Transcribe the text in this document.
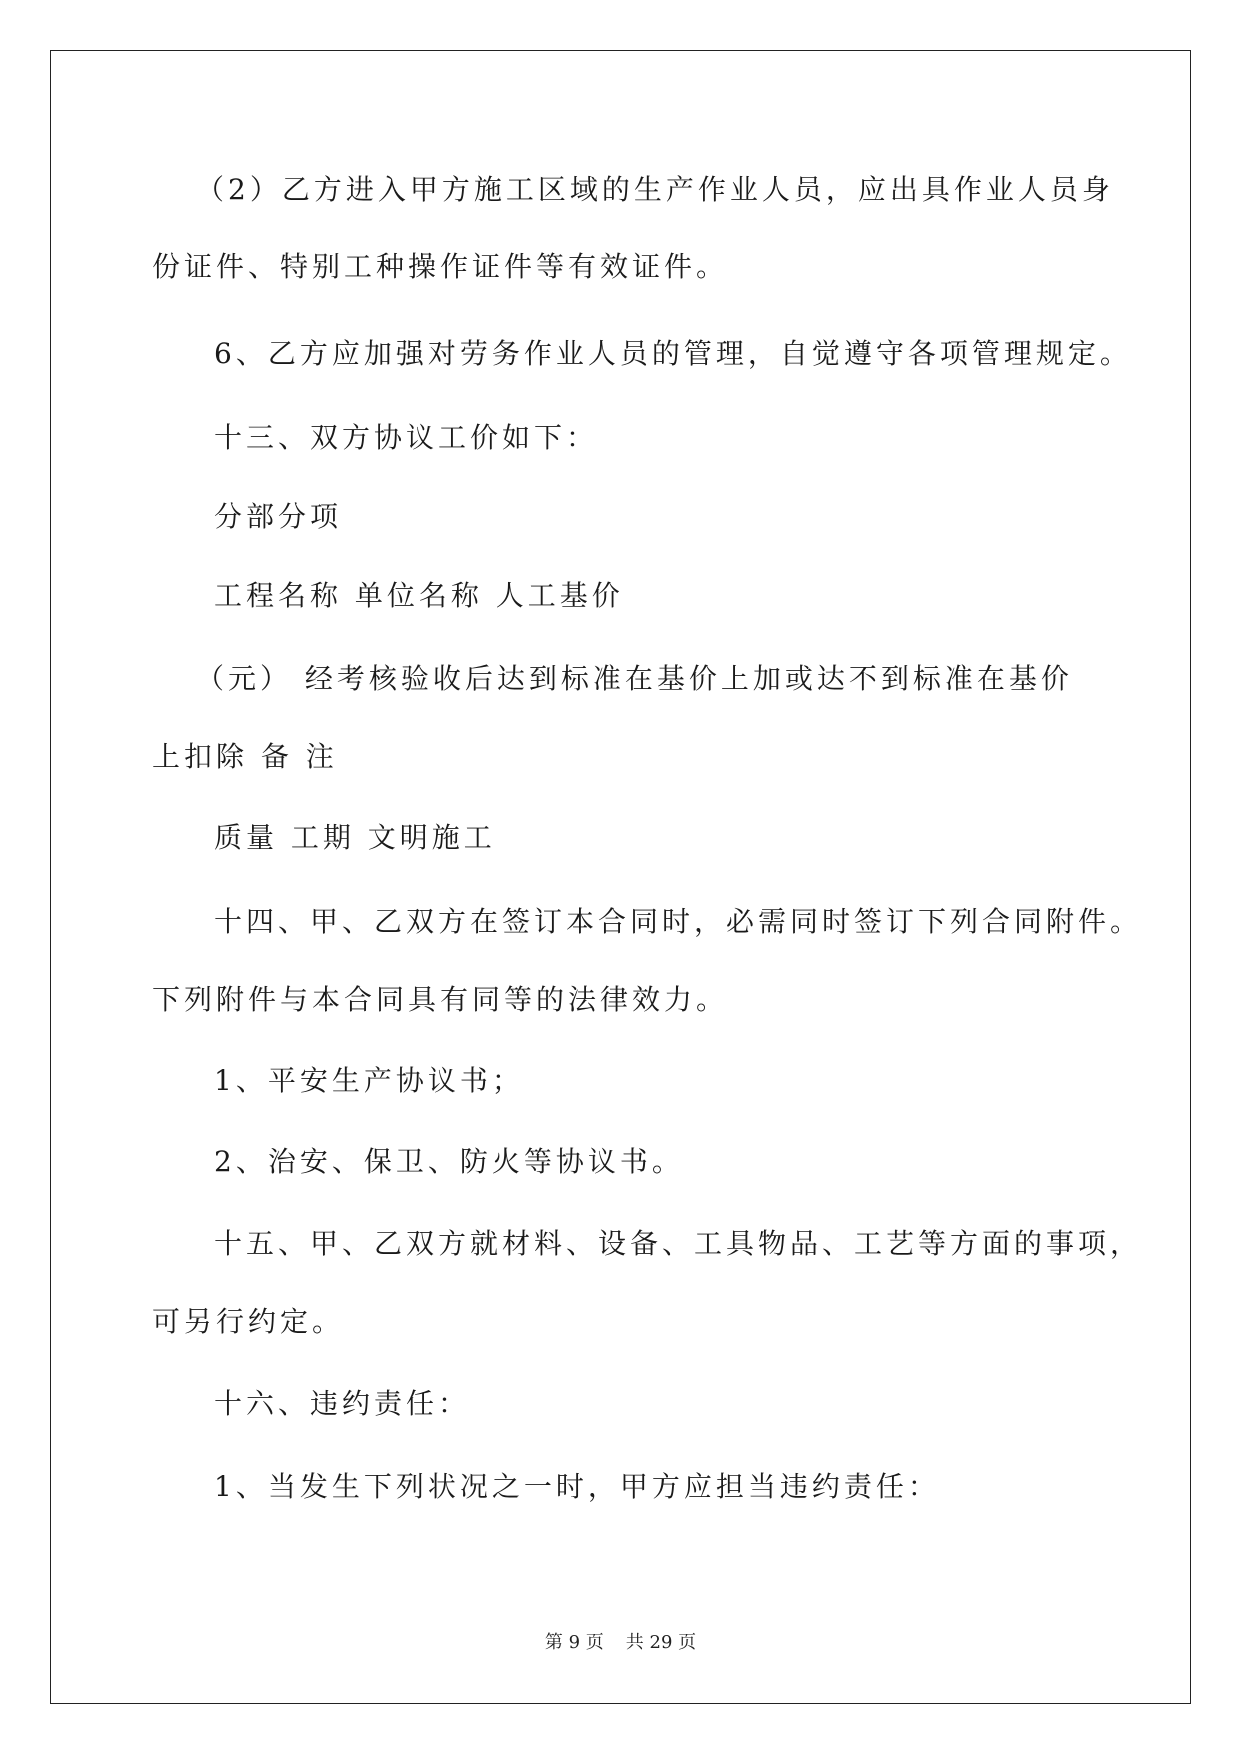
（2）乙方进入甲方施工区域的生产作业人员，应出具作业人员身
份证件、特别工种操作证件等有效证件。
6、乙方应加强对劳务作业人员的管理，自觉遵守各项管理规定。
十三、双方协议工价如下：
分部分项
工程名称 单位名称 人工基价
（元） 经考核验收后达到标准在基价上加或达不到标准在基价
上扣除 备 注
质量 工期 文明施工
十四、甲、乙双方在签订本合同时，必需同时签订下列合同附件。
下列附件与本合同具有同等的法律效力。
1、平安生产协议书；
2、治安、保卫、防火等协议书。
十五、甲、乙双方就材料、设备、工具物品、工艺等方面的事项，
可另行约定。
十六、违约责任：
1、当发生下列状况之一时，甲方应担当违约责任：
第 9 页 共 29 页
